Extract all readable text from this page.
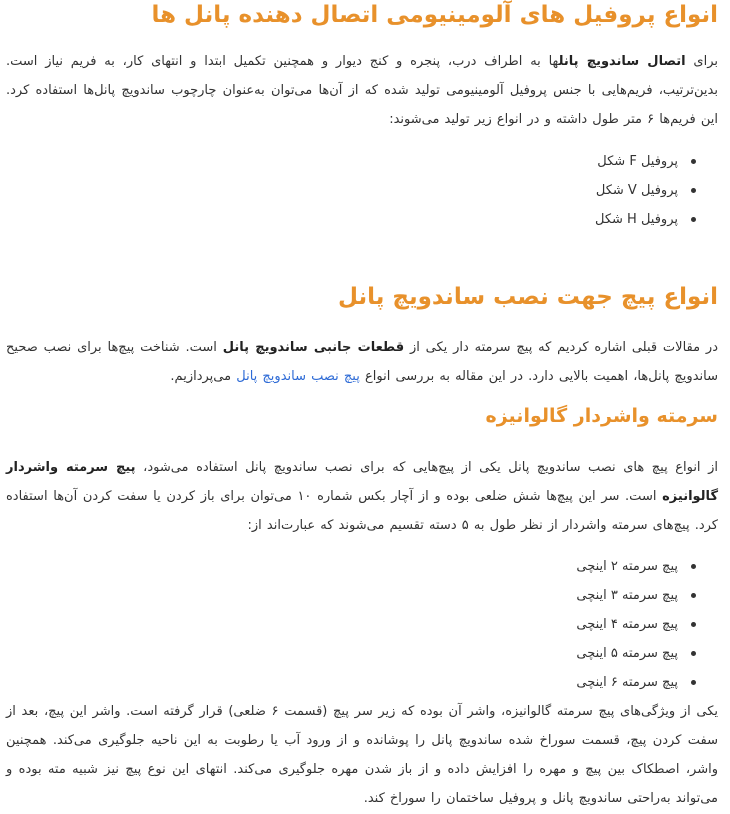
انواع پروفیل های آلومینیومی اتصال دهنده پانل ها

برای اتصال ساندویچ پانلها به اطراف درب، پنجره و کنج دیوار و همچنین تکمیل ابتدا و انتهای کار، به فریم نیاز است. بدین‌ترتیب، فریم‌هایی با جنس پروفیل آلومینیومی تولید شده که از آن‌ها می‌توان به‌عنوان چارچوب ساندویچ پانل‌ها استفاده کرد. این فریم‌ها ۶ متر طول داشته و در انواع زیر تولید می‌شوند:

پروفیل F شکل
پروفیل V شکل
پروفیل H شکل
انواع پیچ جهت نصب ساندویچ پانل

در مقالات قبلی اشاره کردیم که پیچ سرمته دار یکی از قطعات جانبی ساندویچ پانل است. شناخت پیچ‌ها برای نصب صحیح ساندویچ پانل‌ها، اهمیت بالایی دارد. در این مقاله به بررسی انواع پیچ نصب ساندویچ پانل می‌پردازیم.

سرمته واشردار گالوانیزه

از انواع پیچ های نصب ساندویچ پانل یکی از پیچ‌هایی که برای نصب ساندویچ پانل استفاده می‌شود، پیچ سرمته واشردار گالوانیزه است. سر این پیچ‌ها شش ضلعی بوده و از آچار بکس شماره ۱۰ می‌توان برای باز کردن یا سفت کردن آن‌ها استفاده کرد. پیچ‌های سرمته واشردار از نظر طول به ۵ دسته تقسیم می‌شوند که عبارت‌اند از:

پیچ سرمته ۲ اینچی
پیچ سرمته ۳ اینچی
پیچ سرمته ۴ اینچی
پیچ سرمته ۵ اینچی
پیچ سرمته ۶ اینچی

یکی از ویژگی‌های پیچ سرمته گالوانیزه، واشر آن بوده که زیر سر پیچ (قسمت ۶ ضلعی) قرار گرفته است. واشر این پیچ، بعد از سفت کردن پیچ، قسمت سوراخ شده ساندویچ پانل را پوشانده و از ورود آب یا رطوبت به این ناحیه جلوگیری می‌کند. همچنین واشر، اصطکاک بین پیچ و مهره را افزایش داده و از باز شدن مهره جلوگیری می‌کند. انتهای این نوع پیچ نیز شبیه مته بوده و می‌تواند به‌راحتی ساندویچ پانل و پروفیل ساختمان را سوراخ کند.
